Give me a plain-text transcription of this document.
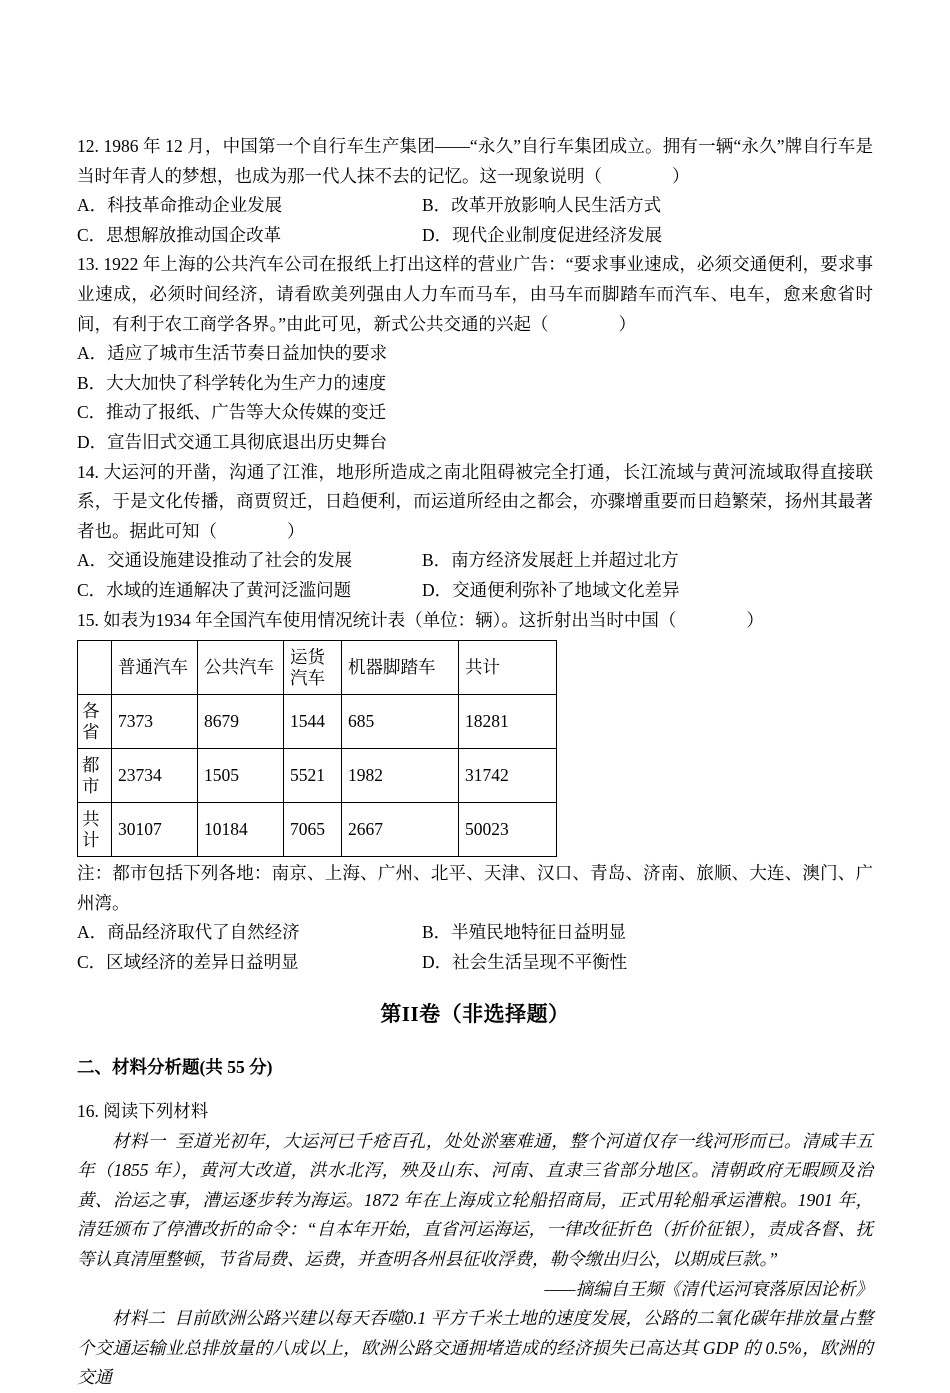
12. 1986 年 12 月，中国第一个自行车生产集团——“永久”自行车集团成立。拥有一辆“永久”牌自行车是当时年青人的梦想，也成为那一代人抹不去的记忆。这一现象说明（　　　　）

A．科技革命推动企业发展	B．改革开放影响人民生活方式
C．思想解放推动国企改革	D．现代企业制度促进经济发展

13. 1922 年上海的公共汽车公司在报纸上打出这样的营业广告：“要求事业速成，必须交通便利，要求事业速成，必须时间经济，请看欧美列强由人力车而马车，由马车而脚踏车而汽车、电车，愈来愈省时间，有利于农工商学各界。”由此可见，新式公共交通的兴起（　　　　）

A．适应了城市生活节奏日益加快的要求
B．大大加快了科学转化为生产力的速度
C．推动了报纸、广告等大众传媒的变迁
D．宣告旧式交通工具彻底退出历史舞台

14. 大运河的开凿，沟通了江淮，地形所造成之南北阻碍被完全打通，长江流域与黄河流域取得直接联系，于是文化传播，商贾贸迁，日趋便利，而运道所经由之都会，亦骤增重要而日趋繁荣，扬州其最著者也。据此可知（　　　　）

A．交通设施建设推动了社会的发展	B．南方经济发展赶上并超过北方
C．水域的连通解决了黄河泛滥问题	D．交通便利弥补了地域文化差异

15. 如表为1934 年全国汽车使用情况统计表（单位：辆）。这折射出当时中国（　　　　）

	普通汽车	公共汽车	运货汽车	机器脚踏车	共计
各省	7373	8679	1544	685	18281
都市	23734	1505	5521	1982	31742
共计	30107	10184	7065	2667	50023

注：都市包括下列各地：南京、上海、广州、北平、天津、汉口、青岛、济南、旅顺、大连、澳门、广州湾。

A．商品经济取代了自然经济	B．半殖民地特征日益明显
C．区域经济的差异日益明显	D．社会生活呈现不平衡性

第II卷（非选择题）

二、材料分析题(共 55 分)

16. 阅读下列材料

材料一 至道光初年，大运河已千疮百孔，处处淤塞难通，整个河道仅存一线河形而已。清咸丰五年（1855 年），黄河大改道，洪水北泻，殃及山东、河南、直隶三省部分地区。清朝政府无暇顾及治黄、治运之事，漕运逐步转为海运。1872 年在上海成立轮船招商局，正式用轮船承运漕粮。1901 年，清廷颁布了停漕改折的命令：“自本年开始，直省河运海运，一律改征折色（折价征银），责成各督、抚等认真清厘整顿，节省局费、运费，并查明各州县征收浮费，勒令缴出归公，以期成巨款。”

——摘编自王频《清代运河衰落原因论析》

材料二 目前欧洲公路兴建以每天吞噬0.1 平方千米土地的速度发展，公路的二氧化碳年排放量占整个交通运输业总排放量的八成以上，欧洲公路交通拥堵造成的经济损失已高达其 GDP 的 0.5%，欧洲的交通
